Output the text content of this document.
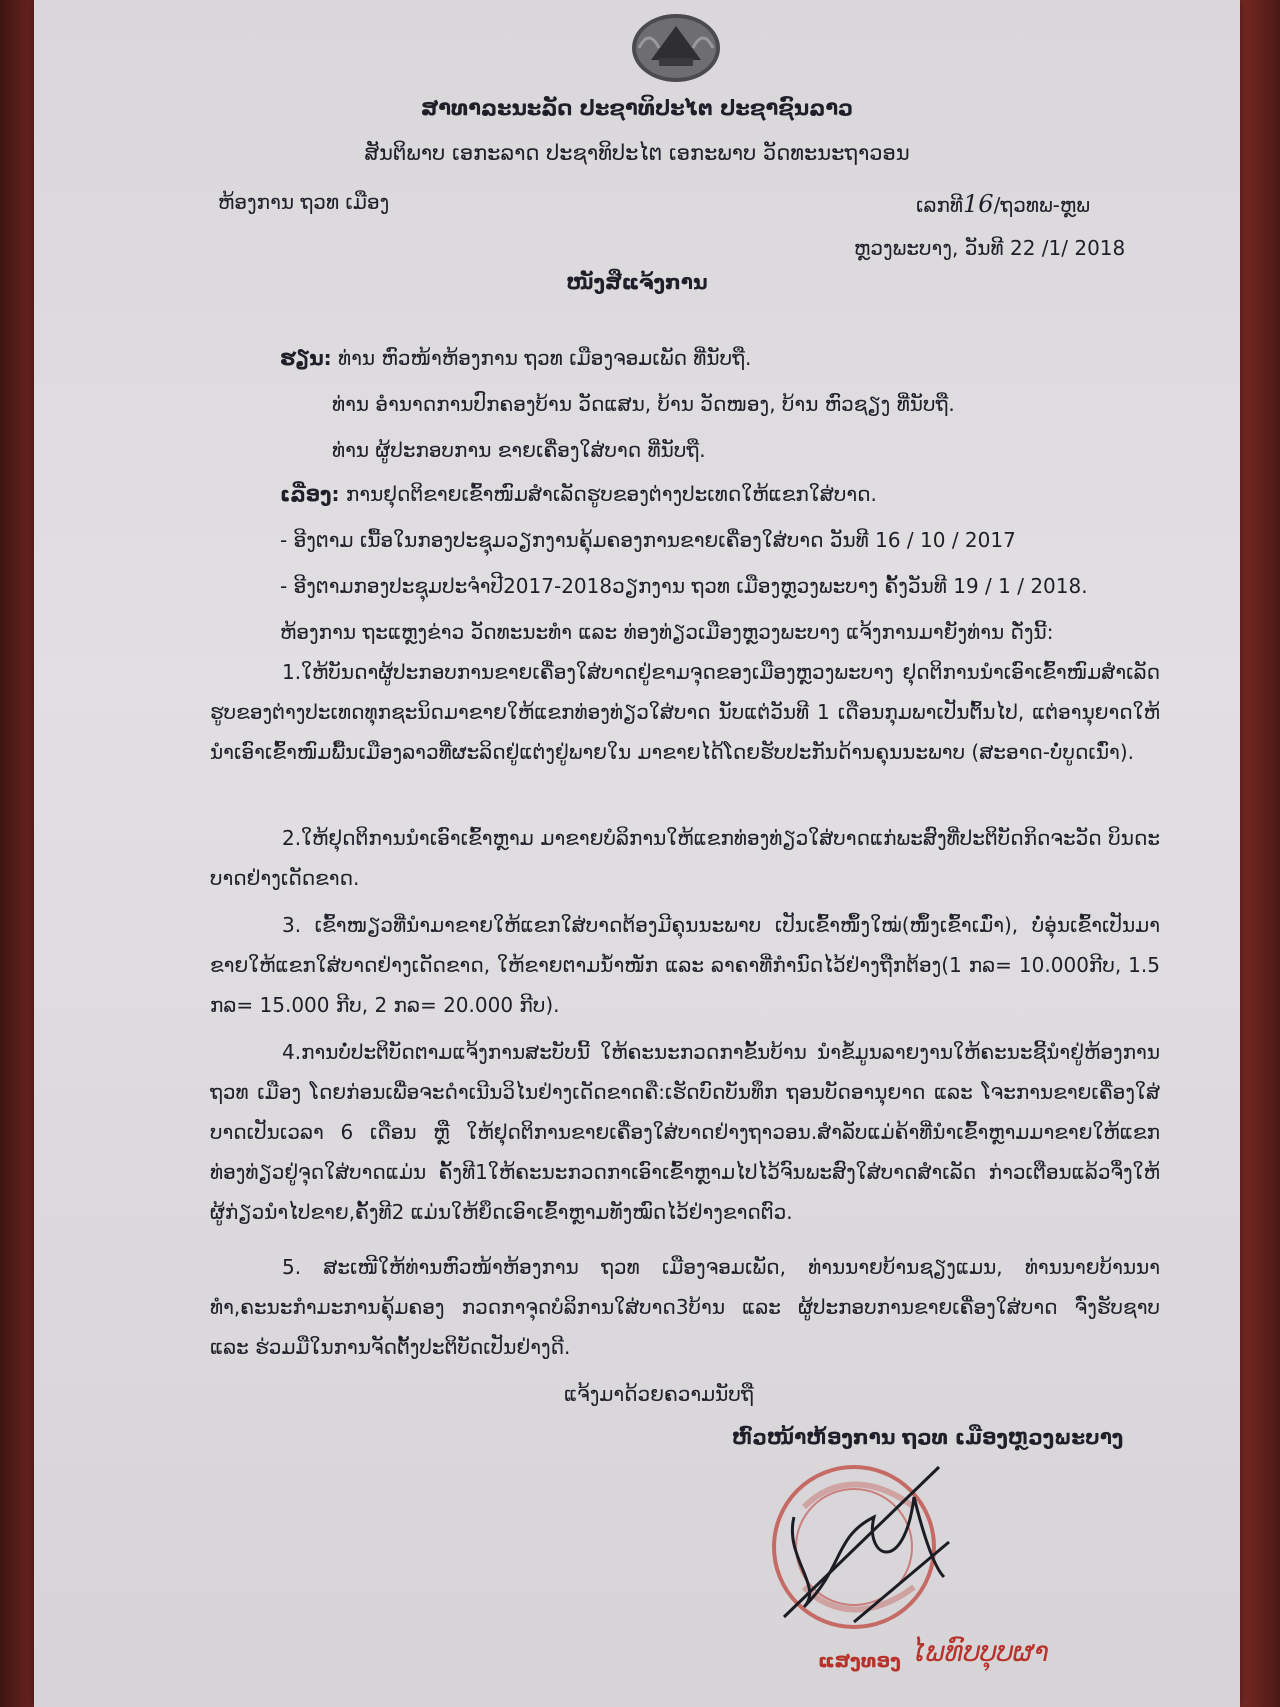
ສາທາລະນະລັດ ປະຊາທິປະໄຕ ປະຊາຊົນລາວ
ສັນຕິພາບ ເອກະລາດ ປະຊາທິປະໄຕ ເອກະພາບ ວັດທະນະຖາວອນ
ຫ້ອງການ ຖວທ ເມືອງ	ເລກທີ16/ຖວທພ-ຫຼພ
ຫຼວງພະບາງ, ວັນທີ 22 /1/ 2018
ໜັງສືແຈ້ງການ
ຮຽນ: ທ່ານ ຫົວໜ້າຫ້ອງການ ຖວທ ເມືອງຈອມເພັດ ທີ່ນັບຖື.
ທ່ານ ອຳນາດການປົກຄອງບ້ານ ວັດແສນ, ບ້ານ ວັດໜອງ, ບ້ານ ຫົວຊຽງ ທີ່ນັບຖື.
ທ່ານ ຜູ້ປະກອບການ ຂາຍເຄື່ອງໃສ່ບາດ ທີ່ນັບຖື.
ເລື່ອງ: ການຢຸດຕິຂາຍເຂົ້າໜົມສຳເລັດຮູບຂອງຕ່າງປະເທດໃຫ້ແຂກໃສ່ບາດ.
- ອີງຕາມ ເນື້ອໃນກອງປະຊຸມວຽກງານຄຸ້ມຄອງການຂາຍເຄື່ອງໃສ່ບາດ ວັນທີ 16 / 10 / 2017
- ອີງຕາມກອງປະຊຸມປະຈຳປີ2017-2018ວຽກງານ ຖວທ ເມືອງຫຼວງພະບາງ ຄັ້ງວັນທີ 19 / 1 / 2018.
ຫ້ອງການ ຖະແຫຼງຂ່າວ ວັດທະນະທຳ ແລະ ທ່ອງທ່ຽວເມືອງຫຼວງພະບາງ ແຈ້ງການມາຍັງທ່ານ ດັ່ງນີ້:
1.ໃຫ້ບັນດາຜູ້ປະກອບການຂາຍເຄື່ອງໃສ່ບາດຢູ່ຂາມຈຸດຂອງເມືອງຫຼວງພະບາງ ຢຸດຕິການນຳເອົາເຂົ້າໜົມສຳເລັດຮູບຂອງຕ່າງປະເທດທຸກຊະນິດມາຂາຍໃຫ້ແຂກທ່ອງທ່ຽວໃສ່ບາດ ນັບແຕ່ວັນທີ 1 ເດືອນກຸມພາເປັນຕົ້ນໄປ, ແຕ່ອານຸຍາດໃຫ້ນຳເອົາເຂົ້າໜົມພື້ນເມືອງລາວທີ່ຜະລິດຢູ່ແຕ່ງຢູ່ພາຍໃນ ມາຂາຍໄດ້ໂດຍຮັບປະກັນດ້ານຄຸນນະພາບ (ສະອາດ-ບໍ່ບູດເນົ່າ).
2.ໃຫ້ຢຸດຕິການນຳເອົາເຂົ້າຫຼາມ ມາຂາຍບໍລິການໃຫ້ແຂກທ່ອງທ່ຽວໃສ່ບາດແກ່ພະສົງທີ່ປະຕິບັດກິດຈະວັດ ບິນດະບາດຢ່າງເດັດຂາດ.
3. ເຂົ້າໜຽວທີ່ນຳມາຂາຍໃຫ້ແຂກໃສ່ບາດຕ້ອງມີຄຸນນະພາບ ເປັນເຂົ້າໜຶ້ງໃໝ່(ໜຶ້ງເຂົ້າເມົ່າ), ບໍ່ອຸ່ນເຂົ້າເປັນມາຂາຍໃຫ້ແຂກໃສ່ບາດຢ່າງເດັດຂາດ, ໃຫ້ຂາຍຕາມນ້ຳໜັກ ແລະ ລາຄາທີ່ກຳນົດໄວ້ຢ່າງຖືກຕ້ອງ(1 ກລ= 10.000ກີບ, 1.5 ກລ= 15.000 ກີບ, 2 ກລ= 20.000 ກີບ).
4.ການບໍ່ປະຕິບັດຕາມແຈ້ງການສະບັບນີ້ ໃຫ້ຄະນະກວດກາຂັ້ນບ້ານ ນຳຂໍ້ມູນລາຍງານໃຫ້ຄະນະຊີ້ນຳຢູ່ຫ້ອງການ ຖວທ ເມືອງ ໂດຍກ່ອນເພື່ອຈະດຳເນີນວິໄນຢ່າງເດັດຂາດຄື:ເຮັດບົດບັນທຶກ ຖອນບັດອານຸຍາດ ແລະ ໂຈະການຂາຍເຄື່ອງໃສ່ບາດເປັນເວລາ 6 ເດືອນ ຫຼື ໃຫ້ຢຸດຕິການຂາຍເຄື່ອງໃສ່ບາດຢ່າງຖາວອນ.ສຳລັບແມ່ຄ້າທີ່ນຳເຂົ້າຫຼາມມາຂາຍໃຫ້ແຂກທ່ອງທ່ຽວຢູ່ຈຸດໃສ່ບາດແມ່ນ ຄັ້ງທີ1ໃຫ້ຄະນະກວດກາເອົາເຂົ້າຫຼາມໄປໄວ້ຈົນພະສົງໃສ່ບາດສຳເລັດ ກ່າວເຕືອນແລ້ວຈຶ່ງໃຫ້ຜູ້ກ່ຽວນຳໄປຂາຍ,ຄັ້ງທີ2 ແມ່ນໃຫ້ຍຶດເອົາເຂົ້າຫຼາມທັງໝົດໄວ້ຢ່າງຂາດຕົວ.
5. ສະເໜີໃຫ້ທ່ານຫົວໜ້າຫ້ອງການ ຖວທ ເມືອງຈອມເພັດ, ທ່ານນາຍບ້ານຊຽງແມນ, ທ່ານນາຍບ້ານນາທຳ,ຄະນະກຳມະການຄຸ້ມຄອງ ກວດກາຈຸດບໍລິການໃສ່ບາດ3ບ້ານ ແລະ ຜູ້ປະກອບການຂາຍເຄື່ອງໃສ່ບາດ ຈົ່ງຮັບຊາບ ແລະ ຮ່ວມມືໃນການຈັດຕັ້ງປະຕິບັດເປັນຢ່າງດີ.
ແຈ້ງມາດ້ວຍຄວາມນັບຖື
ຫົວໜ້າຫ້ອງການ ຖວທ ເມືອງຫຼວງພະບາງ
ແສງທອງ ໄພທົບບຸບຜາ
